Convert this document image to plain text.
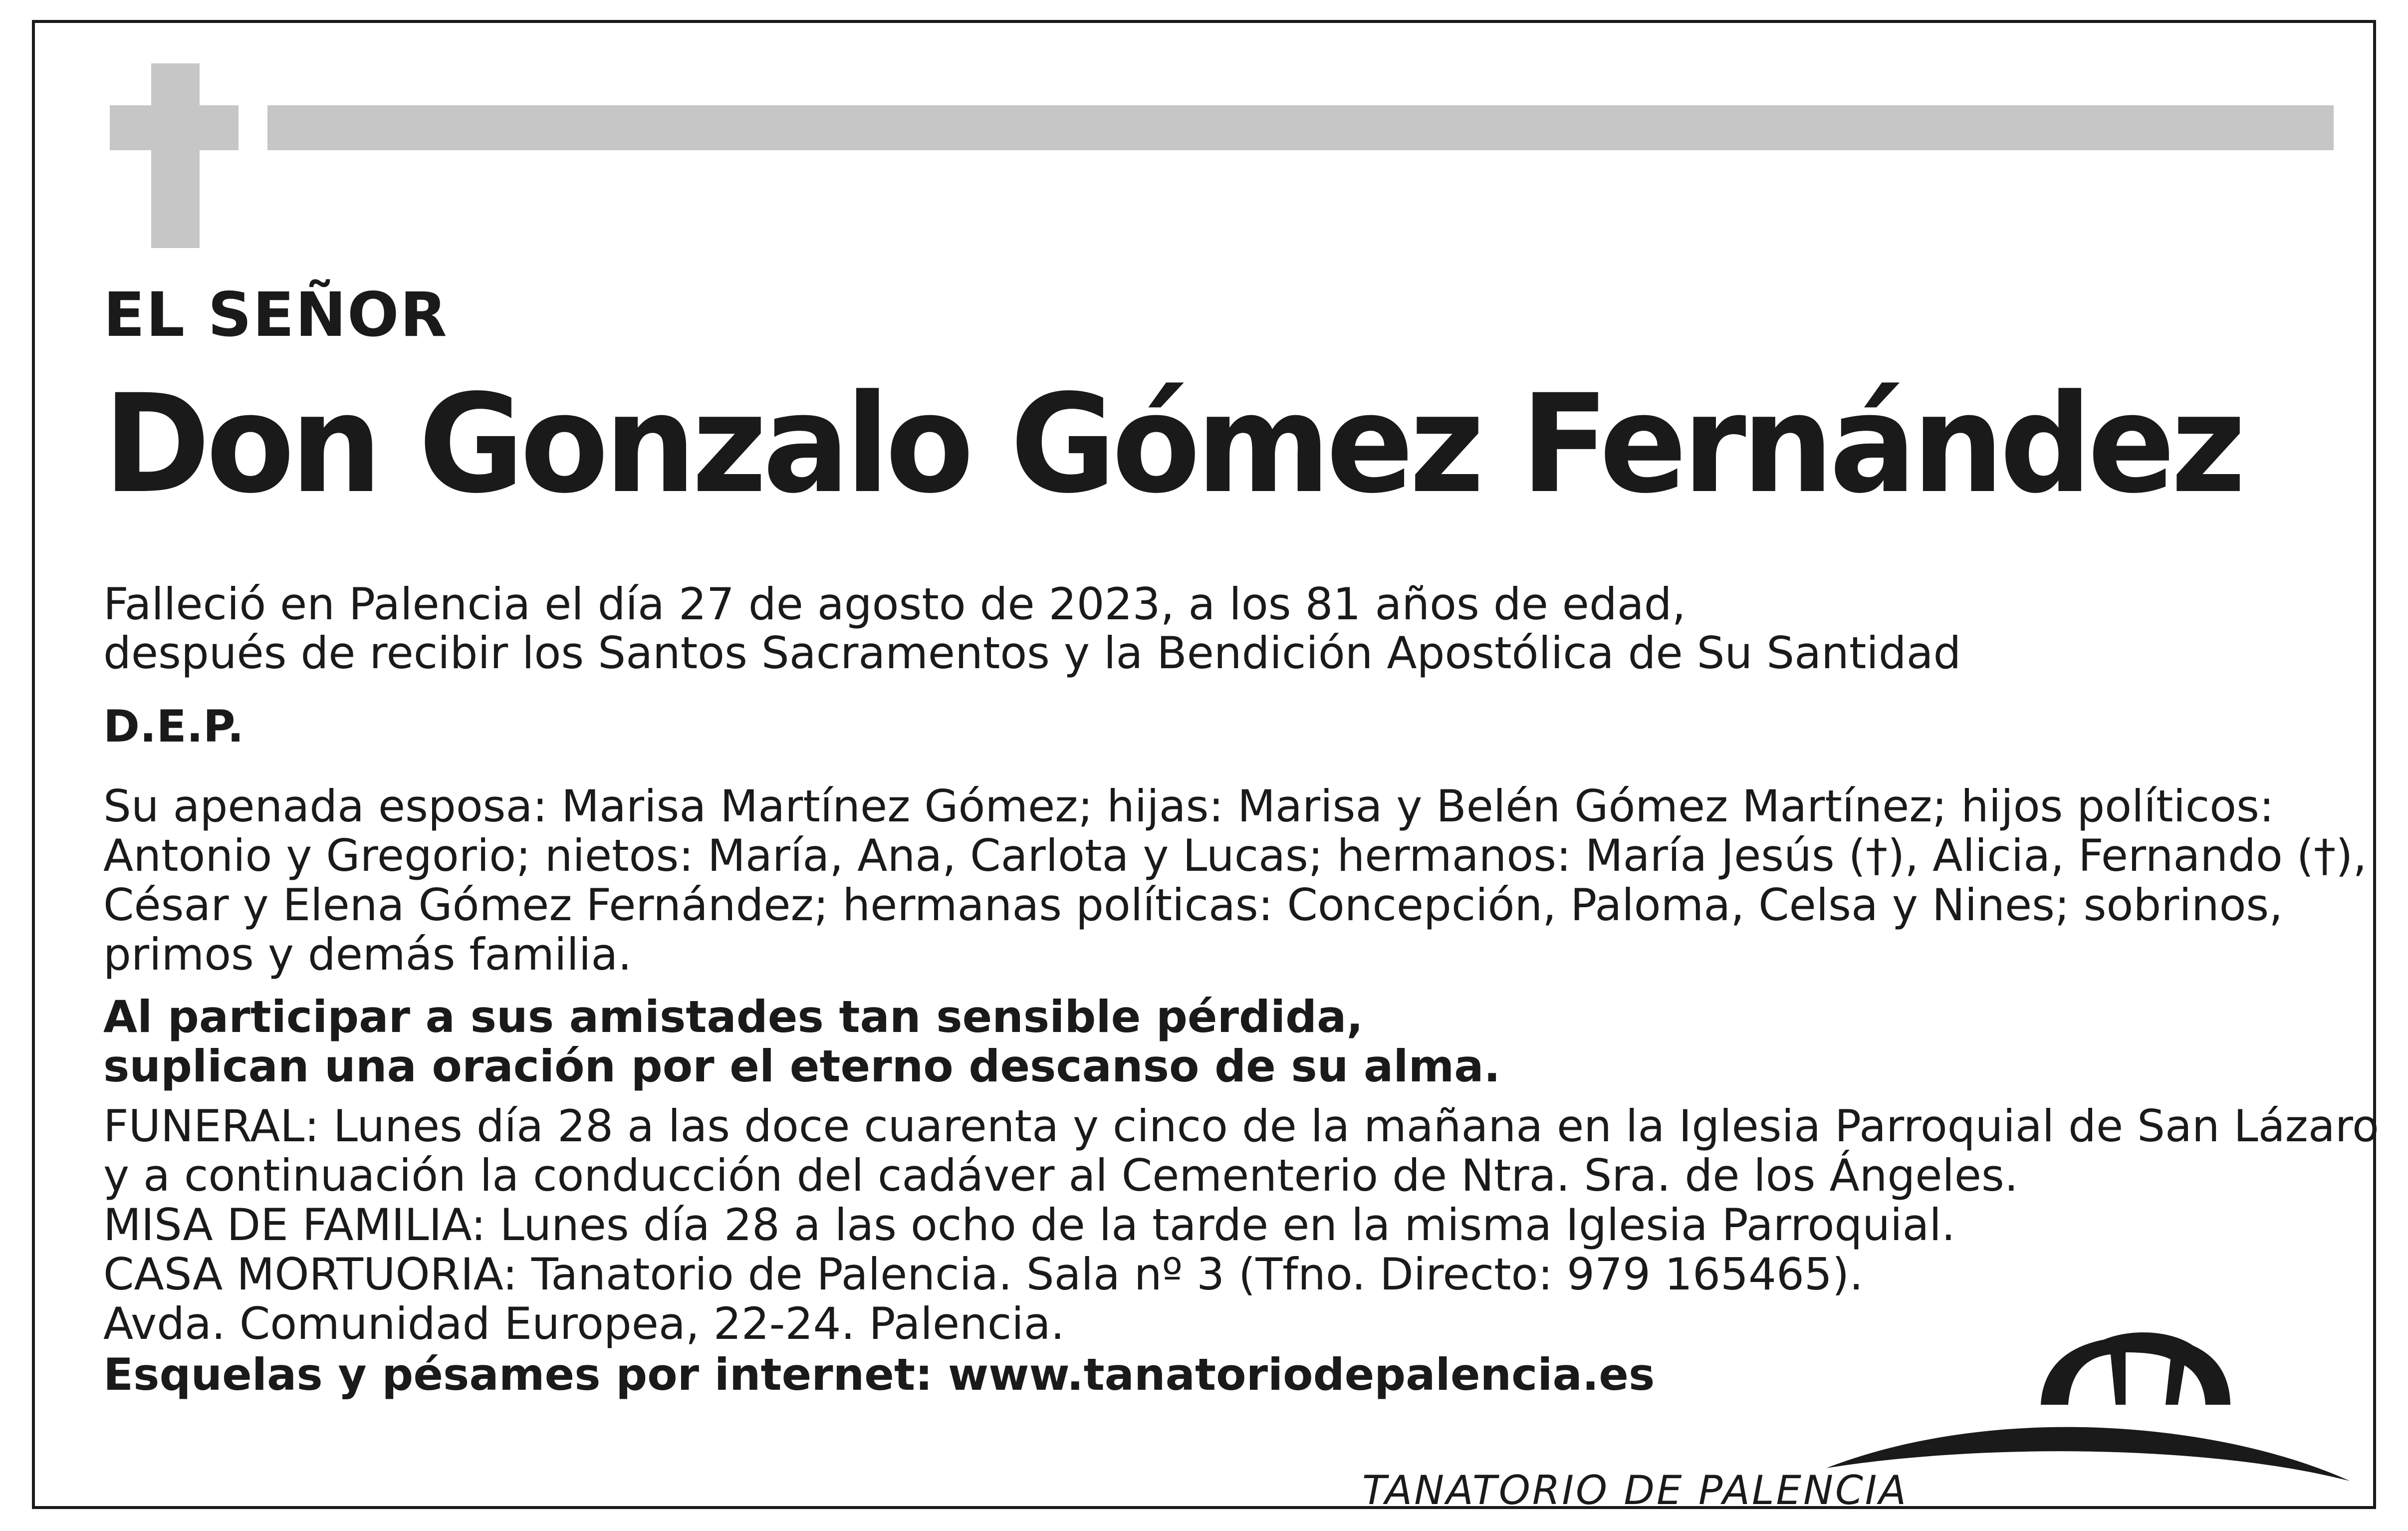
EL SEÑOR

Don Gonzalo Gómez Fernández

Falleció en Palencia el día 27 de agosto de 2023, a los 81 años de edad,

después de recibir los Santos Sacramentos y la Bendición Apostólica de Su Santidad

D.E.P.

Su apenada esposa: Marisa Martínez Gómez; hijas: Marisa y Belén Gómez Martínez; hijos políticos:

Antonio y Gregorio; nietos: María, Ana, Carlota y Lucas; hermanos: María Jesús (†), Alicia, Fernando (†),

César y Elena Gómez Fernández; hermanas políticas: Concepción, Paloma, Celsa y Nines; sobrinos,

primos y demás familia.

Al participar a sus amistades tan sensible pérdida,

suplican una oración por el eterno descanso de su alma.

FUNERAL: Lunes día 28 a las doce cuarenta y cinco de la mañana en la Iglesia Parroquial de San Lázaro

y a continuación la conducción del cadáver al Cementerio de Ntra. Sra. de los Ángeles.

MISA DE FAMILIA: Lunes día 28 a las ocho de la tarde en la misma Iglesia Parroquial.

CASA MORTUORIA: Tanatorio de Palencia. Sala nº 3 (Tfno. Directo: 979 165465).

Avda. Comunidad Europea, 22-24. Palencia.

Esquelas y pésames por internet: www.tanatoriodepalencia.es

TANATORIO DE PALENCIA
